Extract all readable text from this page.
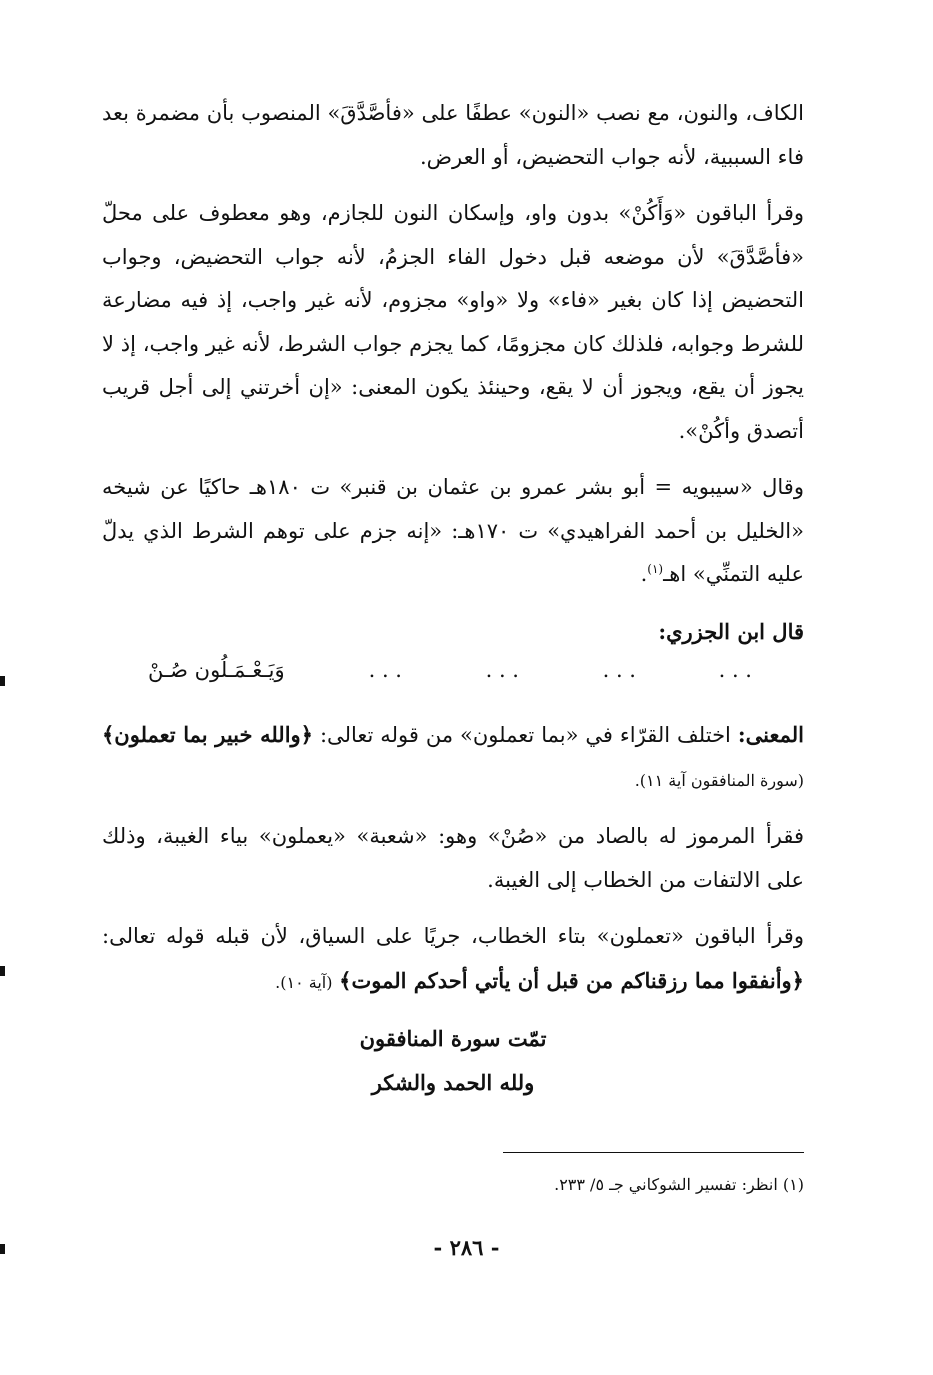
الكاف، والنون، مع نصب «النون» عطفًا على «فأصَّدَّقَ» المنصوب بأن مضمرة بعد فاء السببية، لأنه جواب التحضيض، أو العرض.

وقرأ الباقون «وَأَكُنْ» بدون واو، وإسكان النون للجازم، وهو معطوف على محلّ «فأصَّدَّقَ» لأن موضعه قبل دخول الفاء الجزمُ، لأنه جواب التحضيض، وجواب التحضيض إذا كان بغير «فاء» ولا «واو» مجزوم، لأنه غير واجب، إذ فيه مضارعة للشرط وجوابه، فلذلك كان مجزومًا، كما يجزم جواب الشرط، لأنه غير واجب، إذ لا يجوز أن يقع، ويجوز أن لا يقع، وحينئذ يكون المعنى: «إن أخرتني إلى أجل قريب أتصدق وأكُنْ».

وقال «سيبويه = أبو بشر عمرو بن عثمان بن قنبر» ت ١٨٠هـ حاكيًا عن شيخه «الخليل بن أحمد الفراهيدي» ت ١٧٠هـ: «إنه جزم على توهم الشرط الذي يدلّ عليه التمنِّي» اهـ$^{(١)}$.

قال ابن الجزري:

. . .
. . .
. . .
. . .
وَيَـعْـمَـلُون صُـنْ

المعنى: اختلف القرّاء في «بما تعملون» من قوله تعالى: ﴿والله خبير بما تعملون﴾ (سورة المنافقون آية ١١).

فقرأ المرموز له بالصاد من «صُنْ» وهو: «شعبة» «يعملون» بياء الغيبة، وذلك على الالتفات من الخطاب إلى الغيبة.

وقرأ الباقون «تعملون» بتاء الخطاب، جريًا على السياق، لأن قبله قوله تعالى: ﴿وأنفقوا مما رزقناكم من قبل أن يأتي أحدكم الموت﴾ (آية ١٠).

تمّت سورة المنافقون
ولله الحمد والشكر
(١) انظر: تفسير الشوكاني جـ ٥/ ٢٣٣.
- ٢٨٦ -
